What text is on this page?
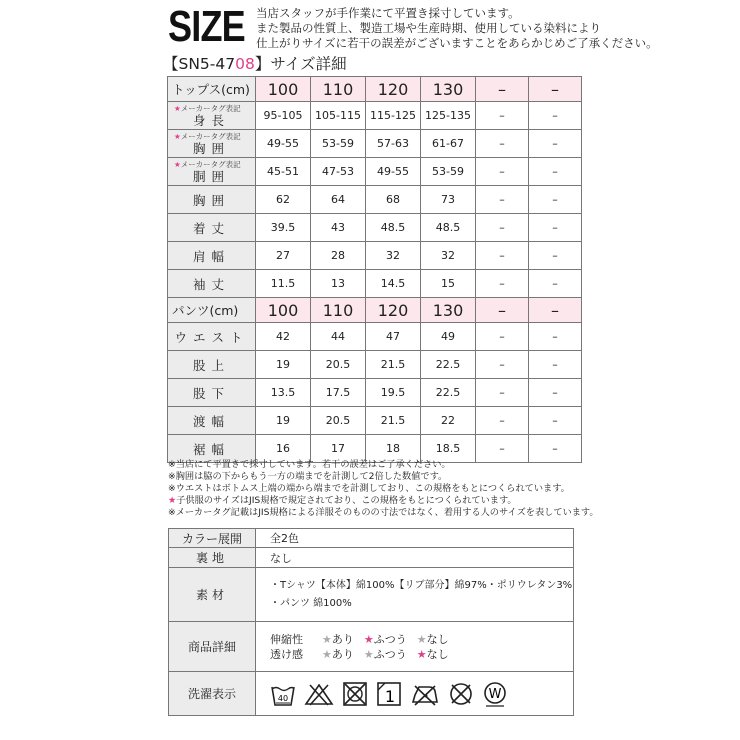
SIZE 当店スタッフが手作業にて平置き採寸しています。
また製品の性質上、製造工場や生産時期、使用している染料により
仕上がりサイズに若干の誤差がございますことをあらかじめご了承ください。
【SN5-4708】サイズ詳細
トップス(cm)	100	110	120	130	–	–

★メーカータグ表記
身長	95-105	105-115	115-125	125-135	–	–

★メーカータグ表記
胸囲	49-55	53-59	57-63	61-67	–	–

★メーカータグ表記
胴囲	45-51	47-53	49-55	53-59	–	–
胸囲	62	64	68	73	–	–
着丈	39.5	43	48.5	48.5	–	–
肩幅	27	28	32	32	–	–
袖丈	11.5	13	14.5	15	–	–
パンツ(cm)	100	110	120	130	–	–
ウエスト	42	44	47	49	–	–
股上	19	20.5	21.5	22.5	–	–
股下	13.5	17.5	19.5	22.5	–	–
渡幅	19	20.5	21.5	22	–	–
裾幅	16	17	18	18.5	–	–
※当店にて平置きで採寸しています。若干の誤差はご了承ください。
※胸囲は脇の下からもう一方の端までを計測して2倍した数値です。
※ウエストはボトムス上端の端から端までを計測しており、この規格をもとにつくられています。
★子供服のサイズはJIS規格で規定されており、この規格をもとにつくられています。
※メーカータグ記載はJIS規格による洋服そのものの寸法ではなく、着用する人のサイズを表しています。
カラー展開	全2色
裏地	なし
素材	・Tシャツ【本体】綿100%【リブ部分】綿97%・ポリウレタン3%
・パンツ 綿100%

商品詳細	伸縮性 ★あり ★ふつう ★なし
透け感 ★あり ★ふつう ★なし

洗濯表示	40 1 W
